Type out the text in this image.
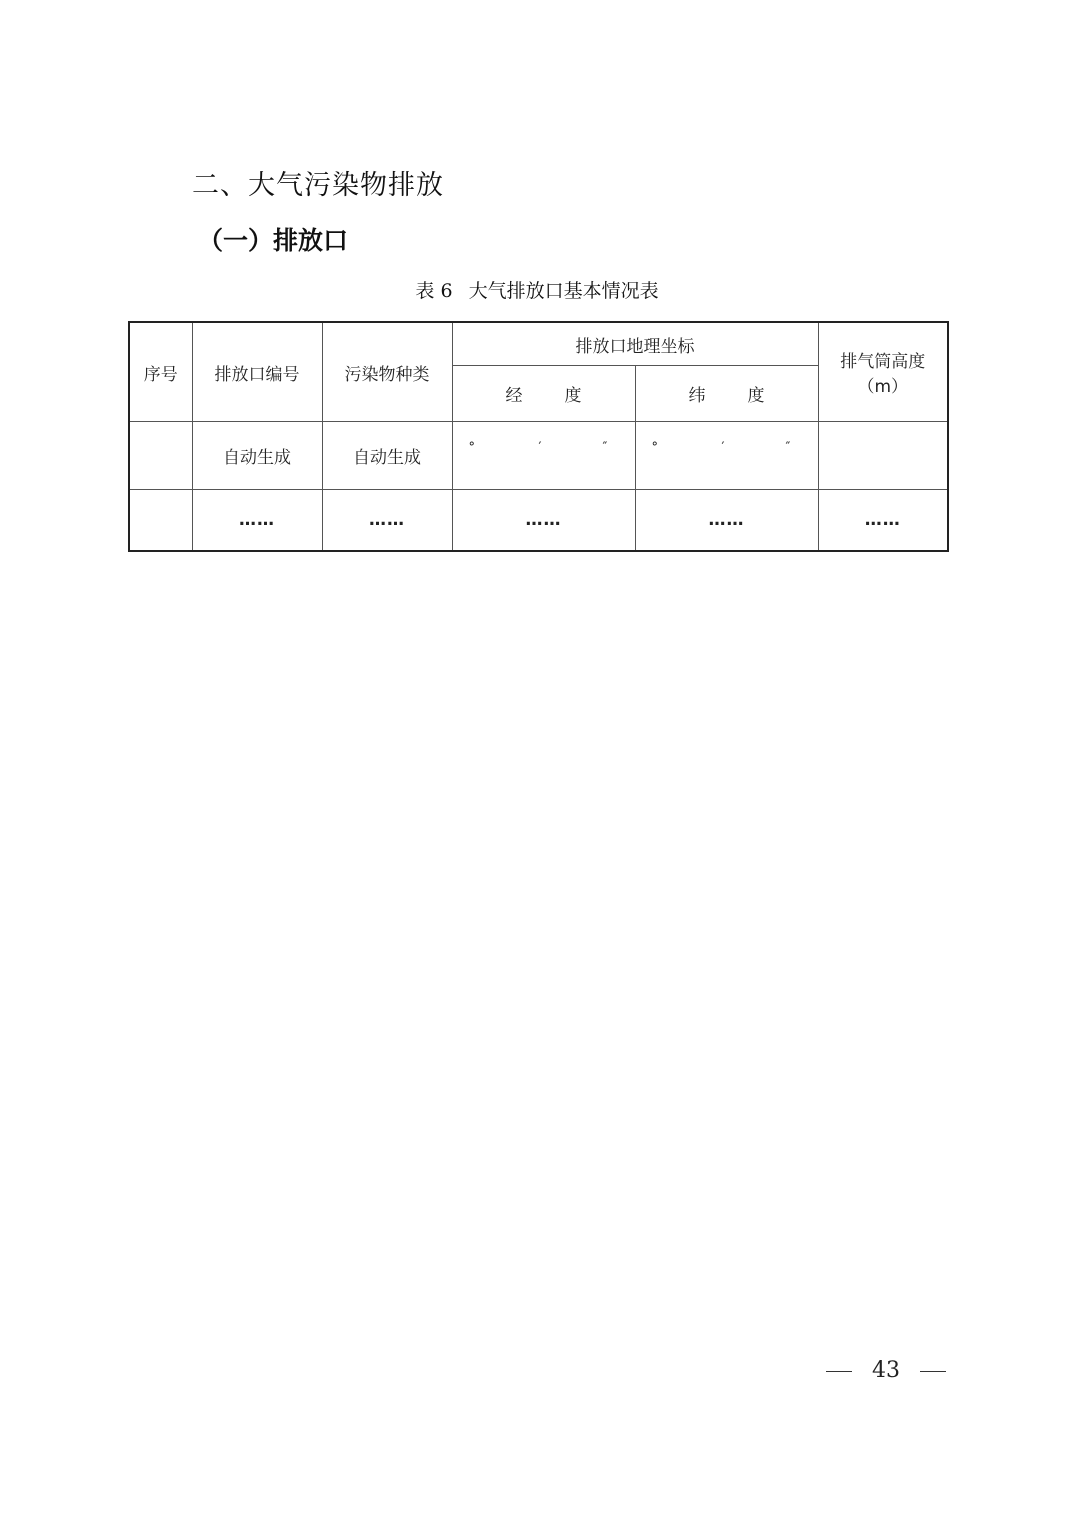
二、大气污染物排放
（一）排放口
表 6 大气排放口基本情况表
序号	排放口编号	污染物种类	排放口地理坐标		排气筒高度
（m）

			经 度	纬 度	
	自动生成	自动生成	° ′ ″	° ′ ″	

	……	……	……	……	……
43
